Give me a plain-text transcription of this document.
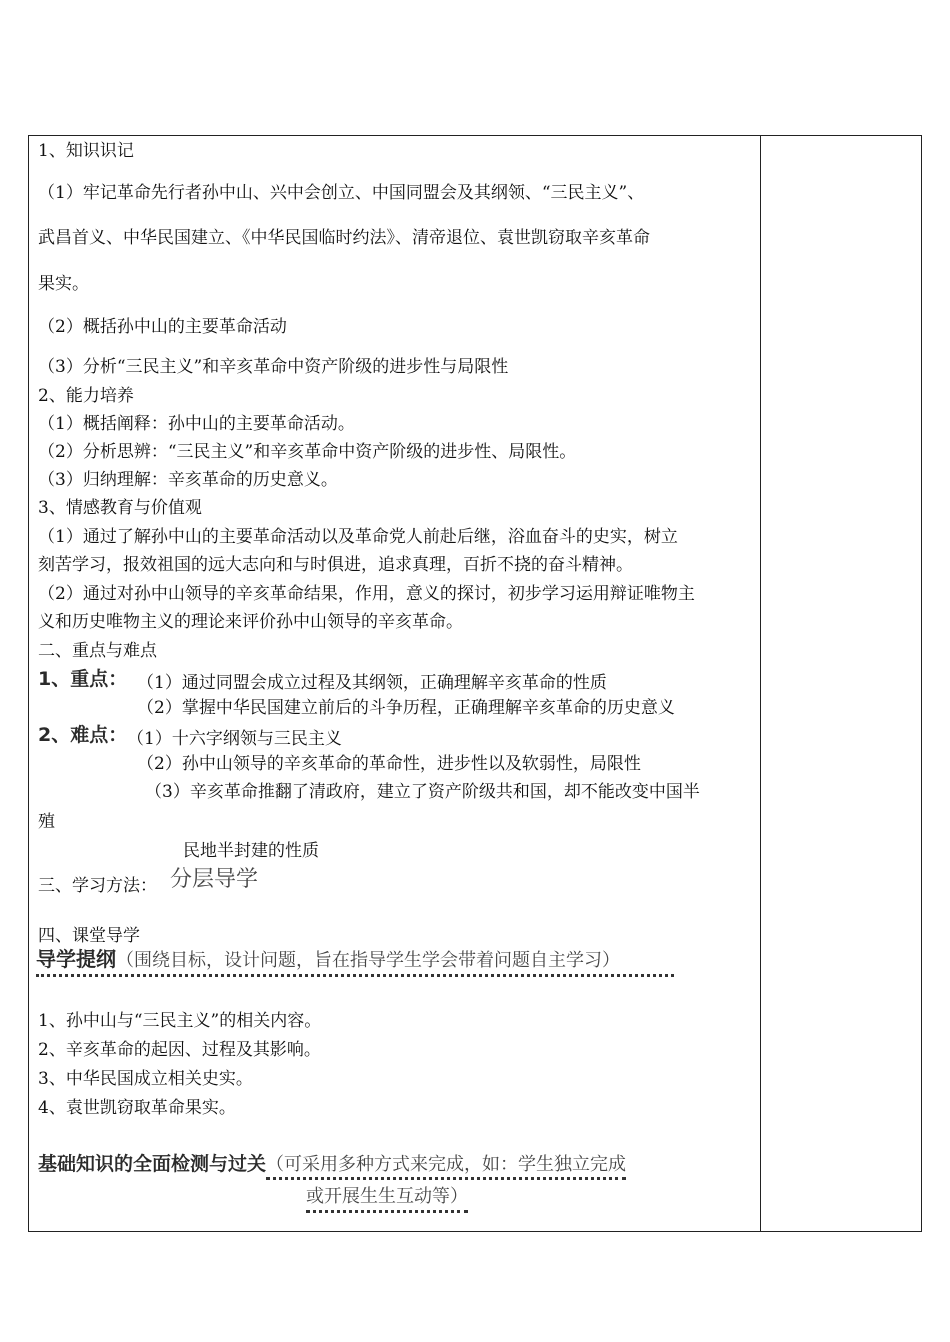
1、知识识记
（1）牢记革命先行者孙中山、兴中会创立、中国同盟会及其纲领、“三民主义”、
武昌首义、中华民国建立、《中华民国临时约法》、清帝退位、袁世凯窃取辛亥革命
果实。
（2）概括孙中山的主要革命活动
（3）分析“三民主义”和辛亥革命中资产阶级的进步性与局限性
2、能力培养
（1）概括阐释：孙中山的主要革命活动。
（2）分析思辨：“三民主义”和辛亥革命中资产阶级的进步性、局限性。
（3）归纳理解：辛亥革命的历史意义。
3、情感教育与价值观
（1）通过了解孙中山的主要革命活动以及革命党人前赴后继，浴血奋斗的史实，树立
刻苦学习，报效祖国的远大志向和与时俱进，追求真理，百折不挠的奋斗精神。
（2）通过对孙中山领导的辛亥革命结果，作用，意义的探讨，初步学习运用辩证唯物主
义和历史唯物主义的理论来评价孙中山领导的辛亥革命。
二、重点与难点
1、重点： （1）通过同盟会成立过程及其纲领，正确理解辛亥革命的性质
（2）掌握中华民国建立前后的斗争历程，正确理解辛亥革命的历史意义
2、难点： （1）十六字纲领与三民主义
（2）孙中山领导的辛亥革命的革命性，进步性以及软弱性，局限性
（3）辛亥革命推翻了清政府，建立了资产阶级共和国，却不能改变中国半
殖
民地半封建的性质
三、学习方法： 分层导学
四、课堂导学
导学提纲（围绕目标，设计问题，旨在指导学生学会带着问题自主学习）
1、孙中山与“三民主义”的相关内容。
2、辛亥革命的起因、过程及其影响。
3、中华民国成立相关史实。
4、袁世凯窃取革命果实。
基础知识的全面检测与过关（可采用多种方式来完成，如：学生独立完成
或开展生生互动等）
